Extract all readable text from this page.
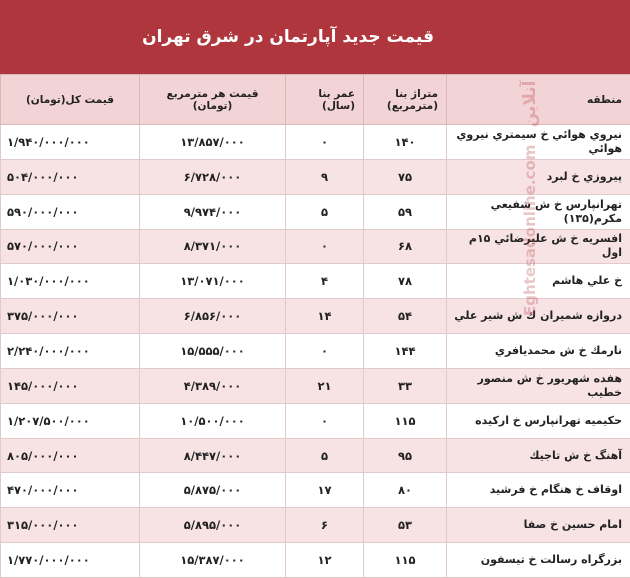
قیمت جدید آپارتمان در شرق تهران
منطقه	متراژ بنا (مترمربع)	عمر بنا (سال)	قیمت هر مترمربع (تومان)	قیمت کل(تومان)
نيروي هوائي خ سيمتري نيروي هوائي	۱۴۰	۰	۱۳/۸۵۷/۰۰۰	۱/۹۴۰/۰۰۰/۰۰۰
پيروزي خ لبرد	۷۵	۹	۶/۷۲۸/۰۰۰	۵۰۴/۰۰۰/۰۰۰
تهرانپارس خ ش شفيعي مكرم(۱۳۵)	۵۹	۵	۹/۹۷۴/۰۰۰	۵۹۰/۰۰۰/۰۰۰
افسريه خ ش عليرضائي ۱۵م اول	۶۸	۰	۸/۳۷۱/۰۰۰	۵۷۰/۰۰۰/۰۰۰
خ علي هاشم	۷۸	۴	۱۳/۰۷۱/۰۰۰	۱/۰۳۰/۰۰۰/۰۰۰
دروازه شميران ك ش شير علي	۵۴	۱۴	۶/۸۵۶/۰۰۰	۳۷۵/۰۰۰/۰۰۰
نارمك خ ش محمديافري	۱۴۴	۰	۱۵/۵۵۵/۰۰۰	۲/۲۴۰/۰۰۰/۰۰۰
هفده شهريور خ ش منصور خطيب	۳۳	۲۱	۴/۳۸۹/۰۰۰	۱۴۵/۰۰۰/۰۰۰
حكيميه تهرانپارس خ اركيده	۱۱۵	۰	۱۰/۵۰۰/۰۰۰	۱/۲۰۷/۵۰۰/۰۰۰
آهنگ خ ش تاجيك	۹۵	۵	۸/۴۴۷/۰۰۰	۸۰۵/۰۰۰/۰۰۰
اوقاف خ هنگام خ فرشيد	۸۰	۱۷	۵/۸۷۵/۰۰۰	۴۷۰/۰۰۰/۰۰۰
امام حسين خ صفا	۵۳	۶	۵/۸۹۵/۰۰۰	۳۱۵/۰۰۰/۰۰۰
بزرگراه رسالت خ تيسفون	۱۱۵	۱۲	۱۵/۳۸۷/۰۰۰	۱/۷۷۰/۰۰۰/۰۰۰
Eghtesadonline.com اقتصاد آنلاین
